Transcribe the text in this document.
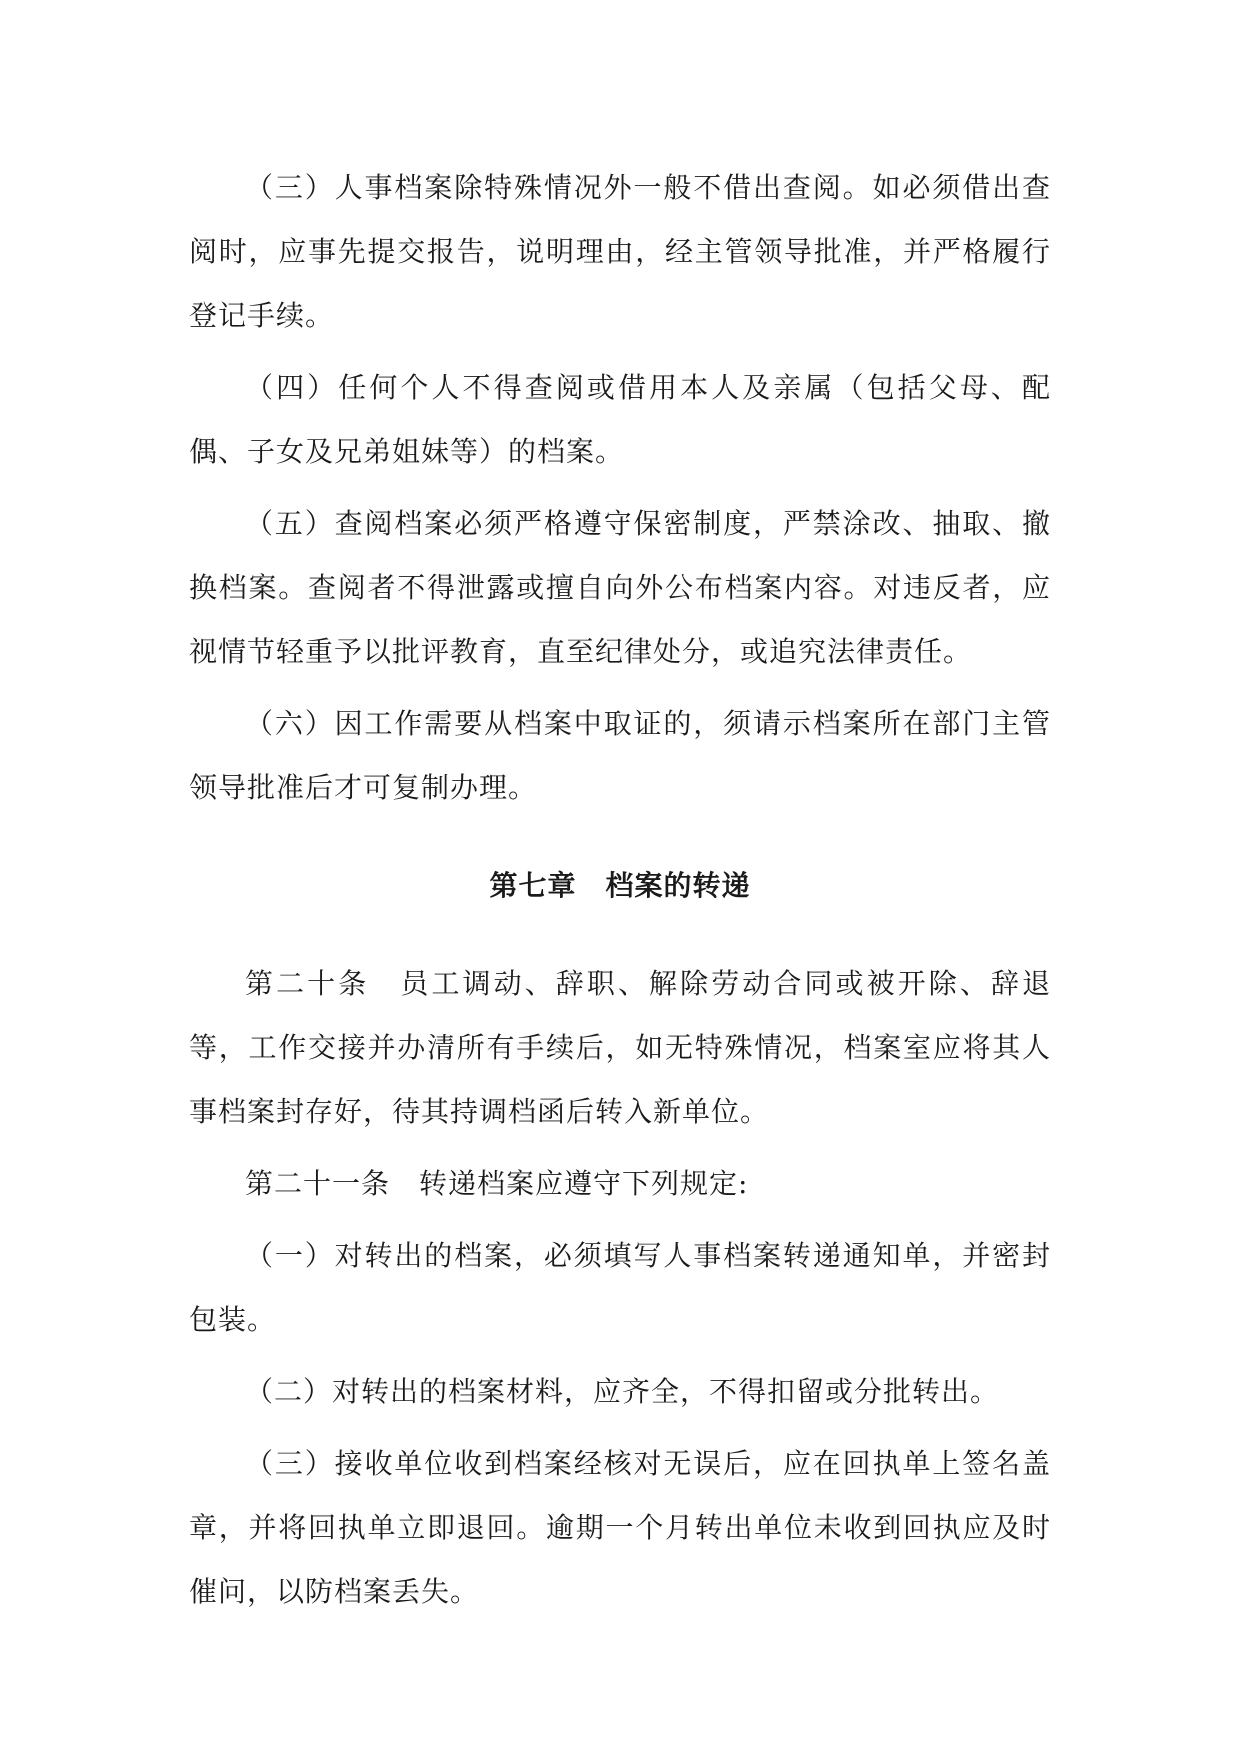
（三）人事档案除特殊情况外一般不借出查阅。如必须借出查阅时，应事先提交报告，说明理由，经主管领导批准，并严格履行登记手续。

（四）任何个人不得查阅或借用本人及亲属（包括父母、配偶、子女及兄弟姐妹等）的档案。

（五）查阅档案必须严格遵守保密制度，严禁涂改、抽取、撤换档案。查阅者不得泄露或擅自向外公布档案内容。对违反者，应视情节轻重予以批评教育，直至纪律处分，或追究法律责任。

（六）因工作需要从档案中取证的，须请示档案所在部门主管领导批准后才可复制办理。

第七章　档案的转递

第二十条　员工调动、辞职、解除劳动合同或被开除、辞退等，工作交接并办清所有手续后，如无特殊情况，档案室应将其人事档案封存好，待其持调档函后转入新单位。

第二十一条　转递档案应遵守下列规定:

（一）对转出的档案，必须填写人事档案转递通知单，并密封包装。

（二）对转出的档案材料，应齐全，不得扣留或分批转出。

（三）接收单位收到档案经核对无误后，应在回执单上签名盖章，并将回执单立即退回。逾期一个月转出单位未收到回执应及时催问，以防档案丢失。
